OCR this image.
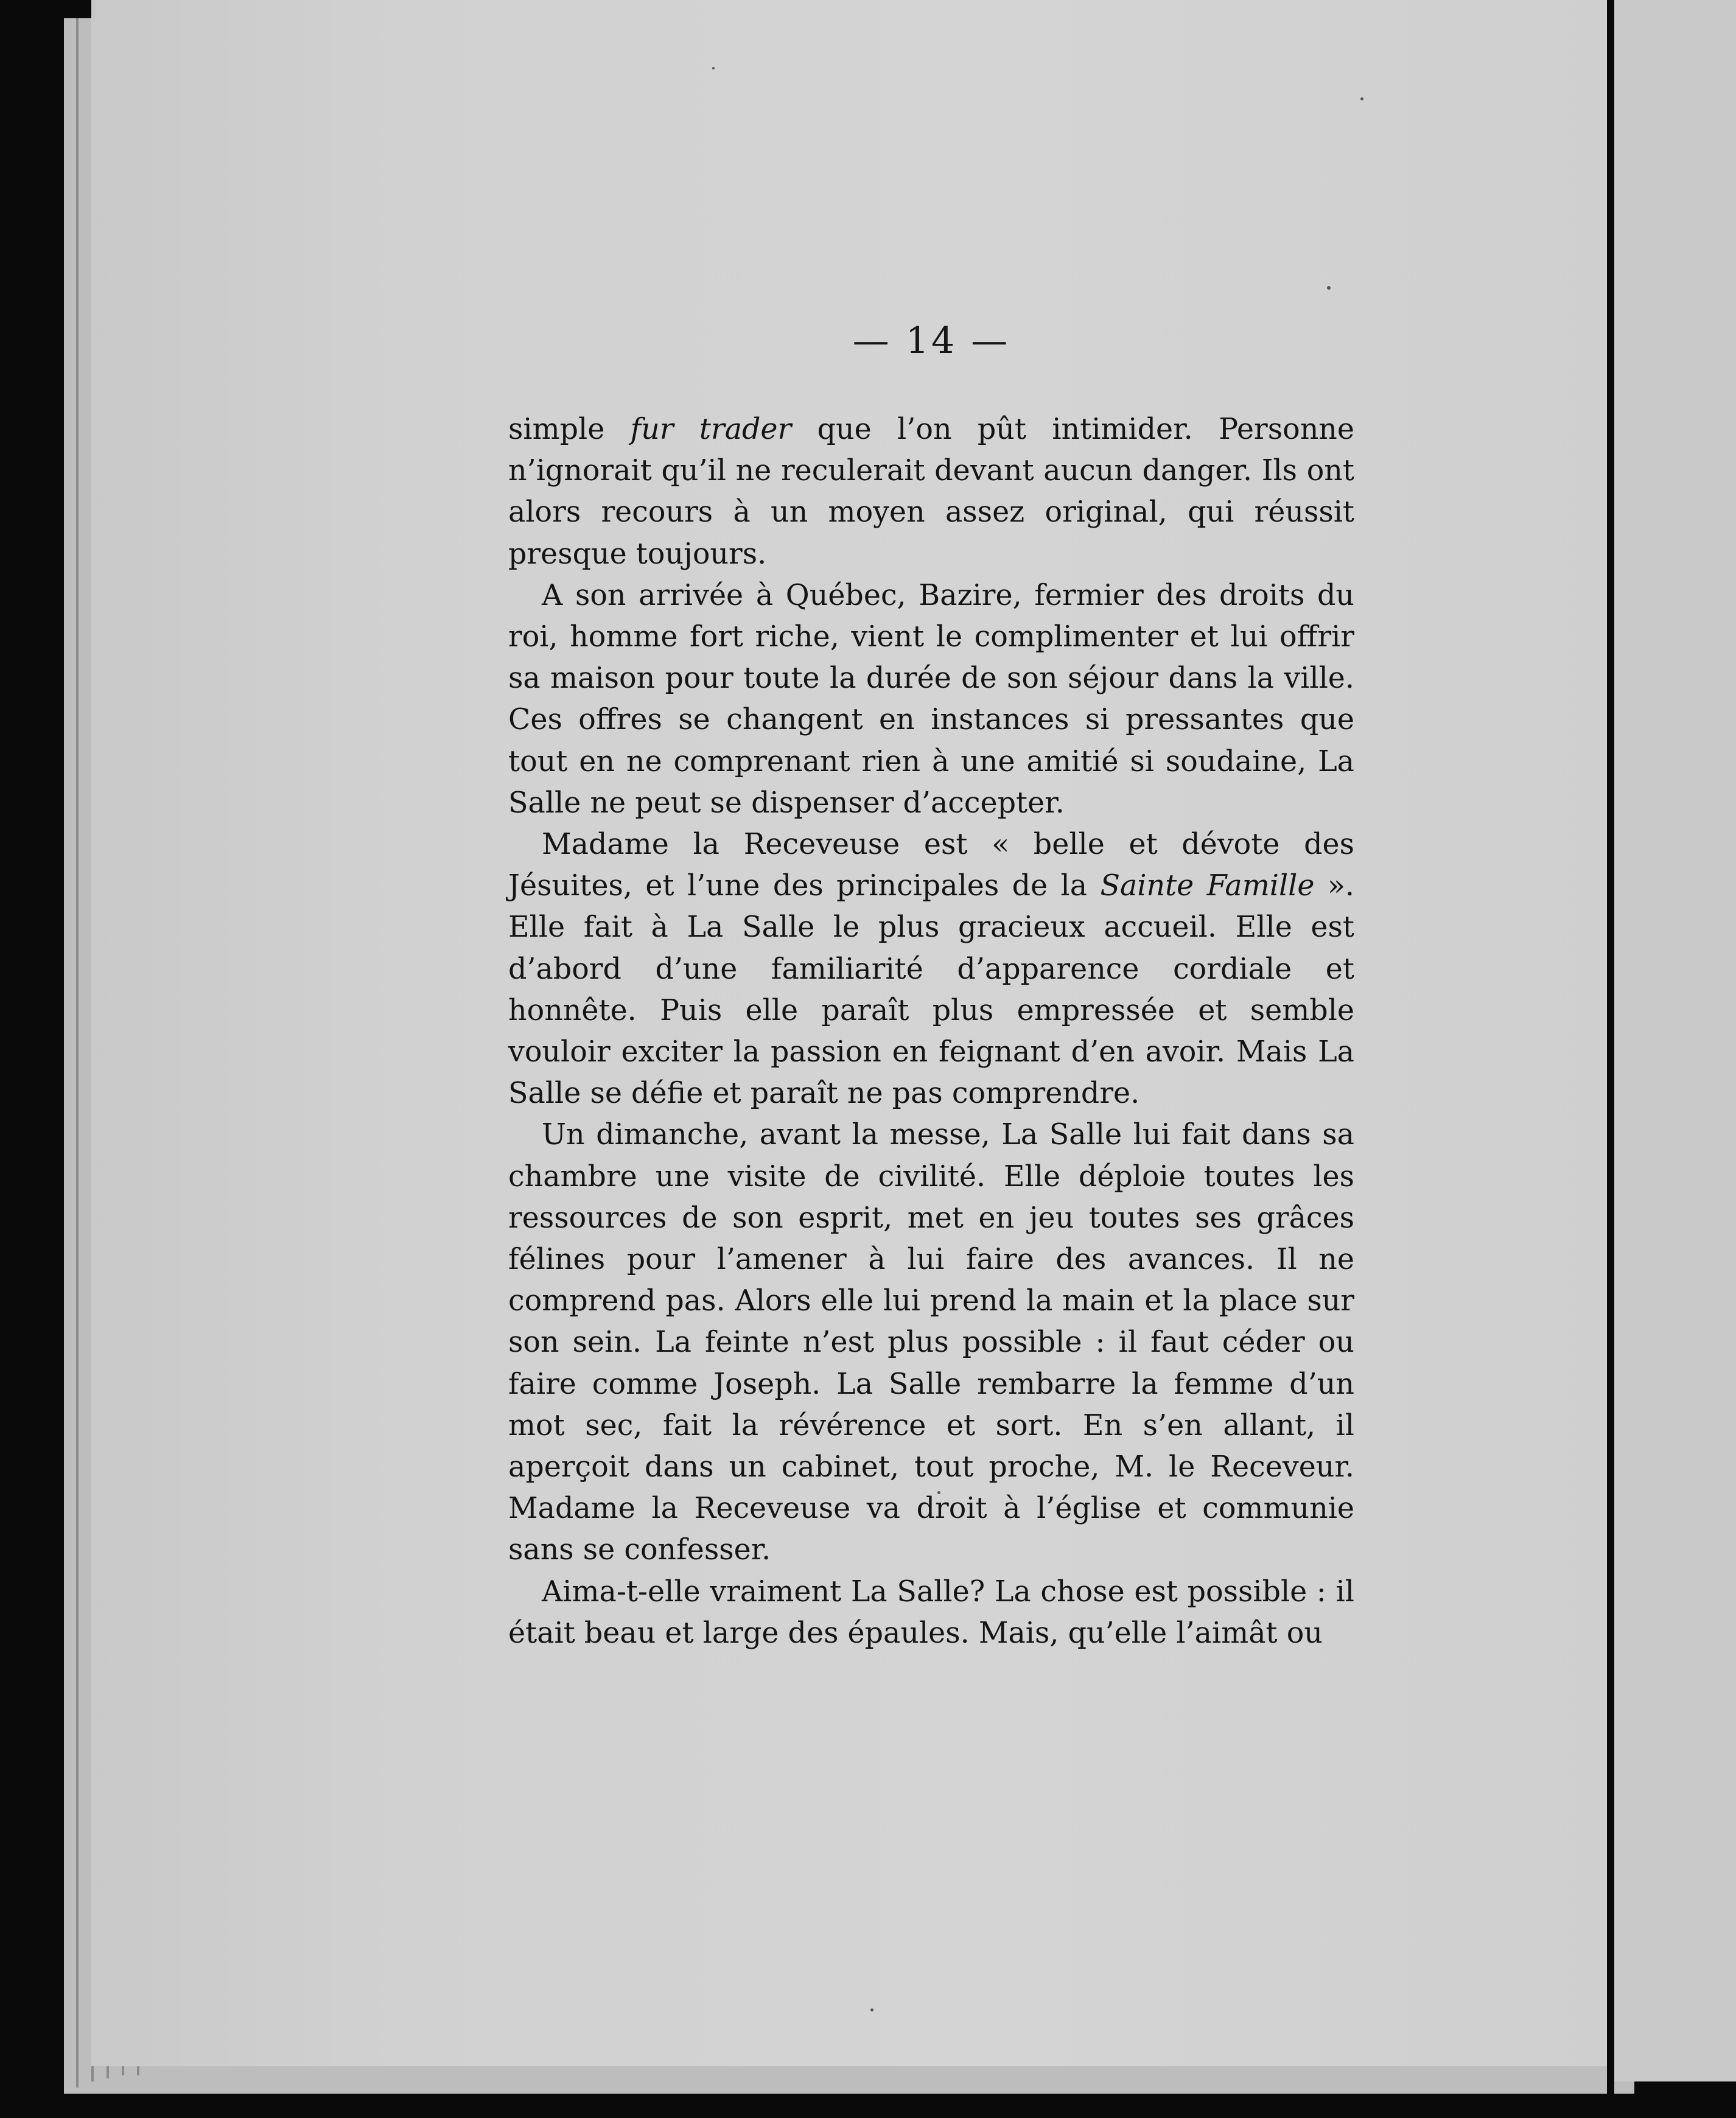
— 14 —

simple fur trader que l’on pût intimider. Personne n’ignorait qu’il ne reculerait devant aucun danger. Ils ont alors recours à un moyen assez original, qui réussit presque toujours.

A son arrivée à Québec, Bazire, fermier des droits du roi, homme fort riche, vient le complimenter et lui offrir sa maison pour toute la durée de son séjour dans la ville. Ces offres se changent en instances si pressantes que tout en ne comprenant rien à une amitié si soudaine, La Salle ne peut se dispenser d’accepter.

Madame la Receveuse est « belle et dévote des Jésuites, et l’une des principales de la Sainte Famille ». Elle fait à La Salle le plus gracieux accueil. Elle est d’abord d’une familiarité d’apparence cordiale et honnête. Puis elle paraît plus empressée et semble vouloir exciter la passion en feignant d’en avoir. Mais La Salle se défie et paraît ne pas comprendre.

Un dimanche, avant la messe, La Salle lui fait dans sa chambre une visite de civilité. Elle déploie toutes les ressources de son esprit, met en jeu toutes ses grâces félines pour l’amener à lui faire des avances. Il ne comprend pas. Alors elle lui prend la main et la place sur son sein. La feinte n’est plus possible : il faut céder ou faire comme Joseph. La Salle rembarre la femme d’un mot sec, fait la révérence et sort. En s’en allant, il aperçoit dans un cabinet, tout proche, M. le Receveur. Madame la Receveuse va droit à l’église et communie sans se confesser.

Aima-t-elle vraiment La Salle? La chose est possible : il était beau et large des épaules. Mais, qu’elle l’aimât ou
